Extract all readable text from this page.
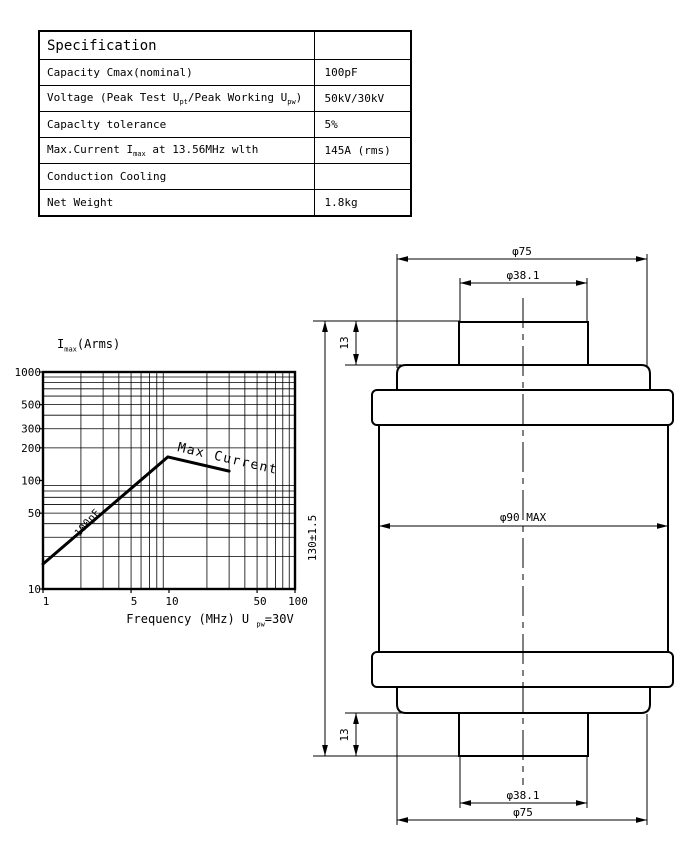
Specification	
Capacity Cmax(nominal)	100pF
Voltage (Peak Test $U_{pt}$/Peak Working $U_{pw}$)	50kV/30kV
Capaclty tolerance	5%
Max.Current $I_{max}$ at 13.56MHz wlth	145A (rms)
Conduction Cooling	
Net Weight	1.8kg
$I_{max}(Arms)$
1	5	10	50 100
1000
500
300
200
100
50
10
Max Current
100pF
Frequency (MHz) U $_{pw}$=30V
φ75
φ38.1
130±1.5
13
φ90 MAX
13
φ38.1
φ75
